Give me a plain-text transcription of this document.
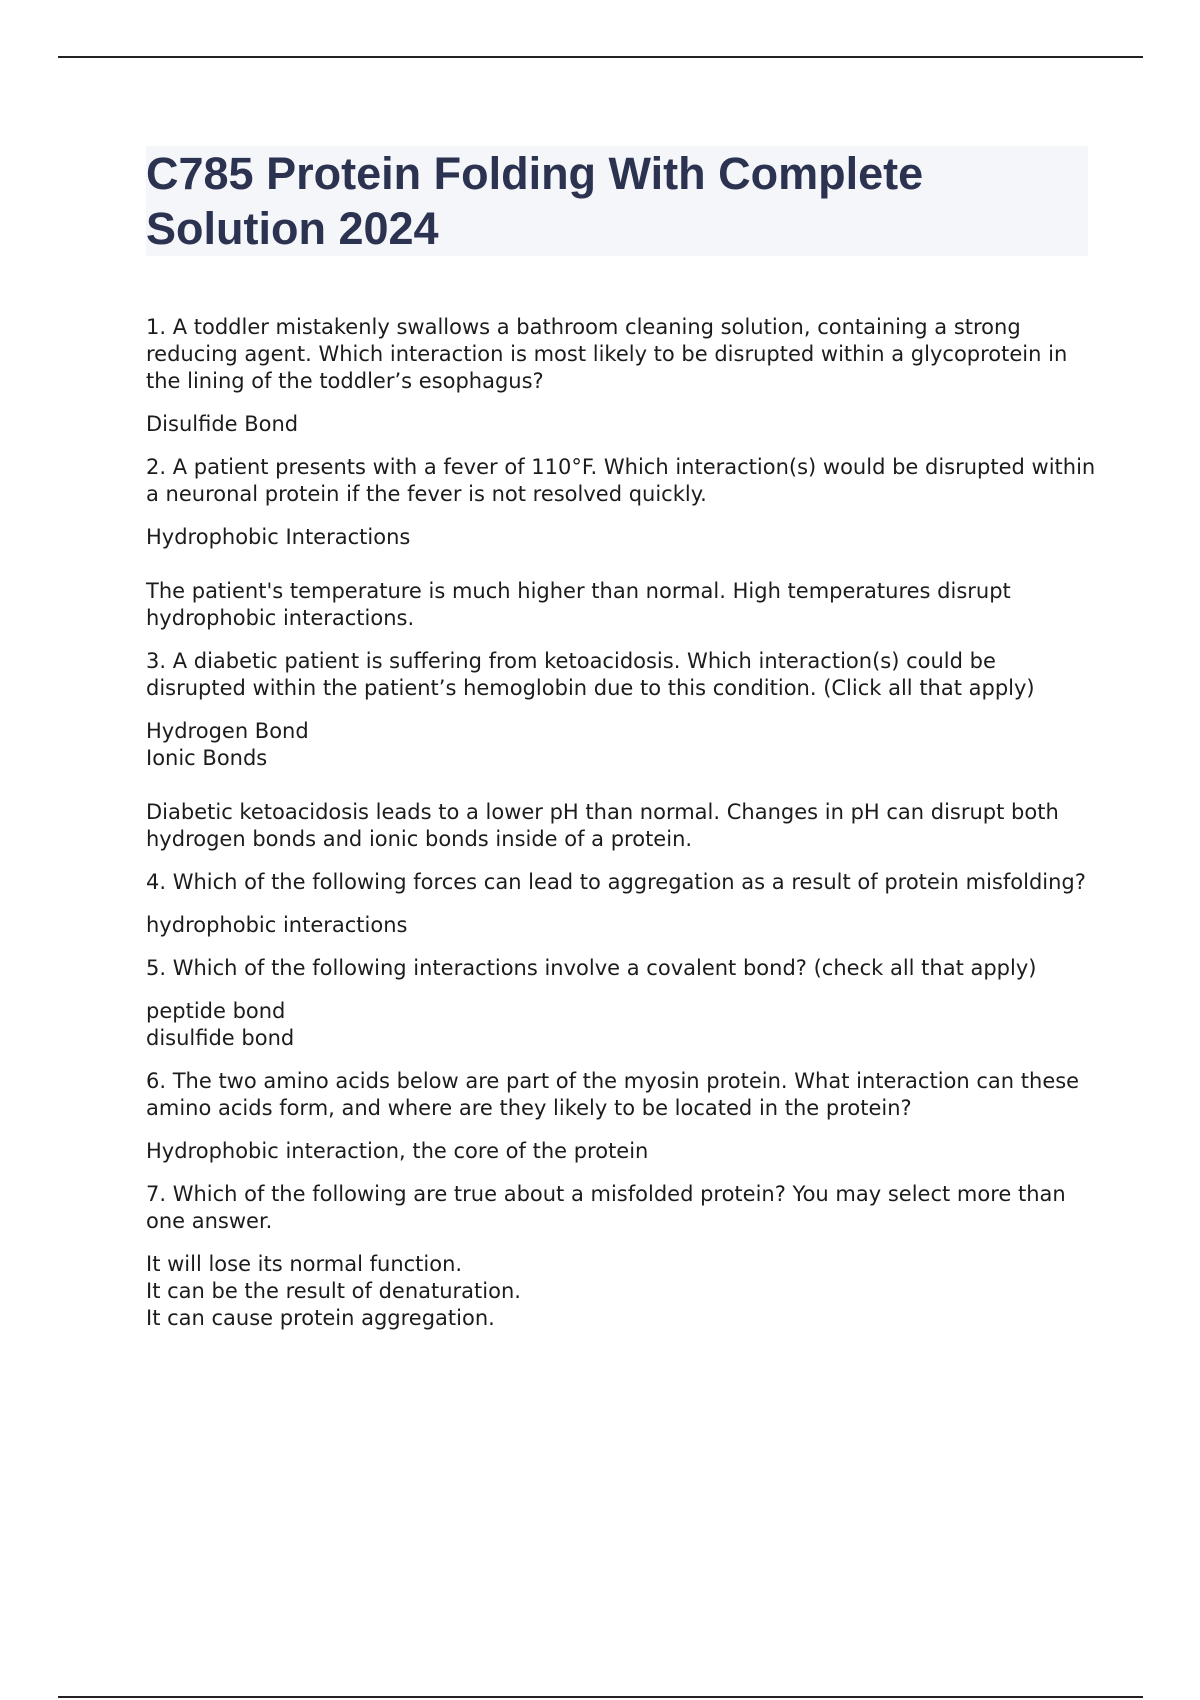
C785 Protein Folding With Complete Solution 2024

1. A toddler mistakenly swallows a bathroom cleaning solution, containing a strong reducing agent. Which interaction is most likely to be disrupted within a glycoprotein in the lining of the toddler’s esophagus?

Disulfide Bond

2. A patient presents with a fever of 110°F. Which interaction(s) would be disrupted within a neuronal protein if the fever is not resolved quickly.

Hydrophobic Interactions

The patient's temperature is much higher than normal. High temperatures disrupt hydrophobic interactions.

3. A diabetic patient is suffering from ketoacidosis. Which interaction(s) could be disrupted within the patient’s hemoglobin due to this condition. (Click all that apply)

Hydrogen Bond
Ionic Bonds

Diabetic ketoacidosis leads to a lower pH than normal. Changes in pH can disrupt both hydrogen bonds and ionic bonds inside of a protein.

4. Which of the following forces can lead to aggregation as a result of protein misfolding?

hydrophobic interactions

5. Which of the following interactions involve a covalent bond? (check all that apply)

peptide bond
disulfide bond

6. The two amino acids below are part of the myosin protein. What interaction can these amino acids form, and where are they likely to be located in the protein?

Hydrophobic interaction, the core of the protein

7. Which of the following are true about a misfolded protein? You may select more than one answer.

It will lose its normal function.
It can be the result of denaturation.
It can cause protein aggregation.
